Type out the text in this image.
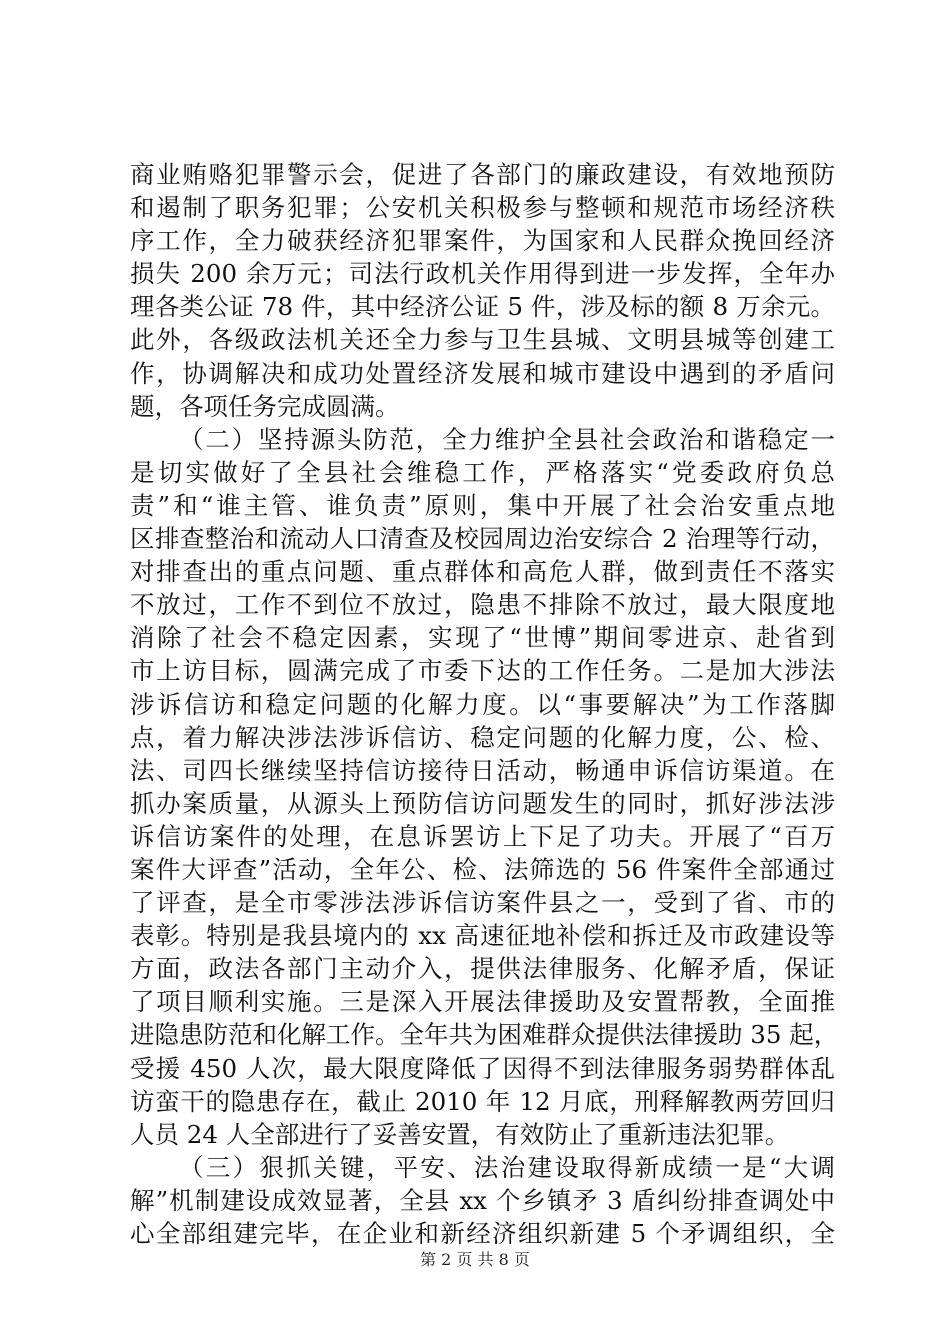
商业贿赂犯罪警示会，促进了各部门的廉政建设，有效地预防
和遏制了职务犯罪；公安机关积极参与整顿和规范市场经济秩
序工作，全力破获经济犯罪案件，为国家和人民群众挽回经济
损失 200 余万元；司法行政机关作用得到进一步发挥，全年办
理各类公证 78 件，其中经济公证 5 件，涉及标的额 8 万余元。
此外，各级政法机关还全力参与卫生县城、文明县城等创建工
作，协调解决和成功处置经济发展和城市建设中遇到的矛盾问
题，各项任务完成圆满。
（二）坚持源头防范，全力维护全县社会政治和谐稳定一
是切实做好了全县社会维稳工作，严格落实“党委政府负总
责”和“谁主管、谁负责”原则，集中开展了社会治安重点地
区排查整治和流动人口清查及校园周边治安综合 2 治理等行动，
对排查出的重点问题、重点群体和高危人群，做到责任不落实
不放过，工作不到位不放过，隐患不排除不放过，最大限度地
消除了社会不稳定因素，实现了“世博”期间零进京、赴省到
市上访目标，圆满完成了市委下达的工作任务。二是加大涉法
涉诉信访和稳定问题的化解力度。以“事要解决”为工作落脚
点，着力解决涉法涉诉信访、稳定问题的化解力度，公、检、
法、司四长继续坚持信访接待日活动，畅通申诉信访渠道。在
抓办案质量，从源头上预防信访问题发生的同时，抓好涉法涉
诉信访案件的处理，在息诉罢访上下足了功夫。开展了“百万
案件大评查”活动，全年公、检、法筛选的 56 件案件全部通过
了评查，是全市零涉法涉诉信访案件县之一，受到了省、市的
表彰。特别是我县境内的 xx 高速征地补偿和拆迁及市政建设等
方面，政法各部门主动介入，提供法律服务、化解矛盾，保证
了项目顺利实施。三是深入开展法律援助及安置帮教，全面推
进隐患防范和化解工作。全年共为困难群众提供法律援助 35 起，
受援 450 人次，最大限度降低了因得不到法律服务弱势群体乱
访蛮干的隐患存在，截止 2010 年 12 月底，刑释解教两劳回归
人员 24 人全部进行了妥善安置，有效防止了重新违法犯罪。
（三）狠抓关键，平安、法治建设取得新成绩一是“大调
解”机制建设成效显著，全县 xx 个乡镇矛 3 盾纠纷排查调处中
心全部组建完毕，在企业和新经济组织新建 5 个矛调组织，全
第 2 页 共 8 页
